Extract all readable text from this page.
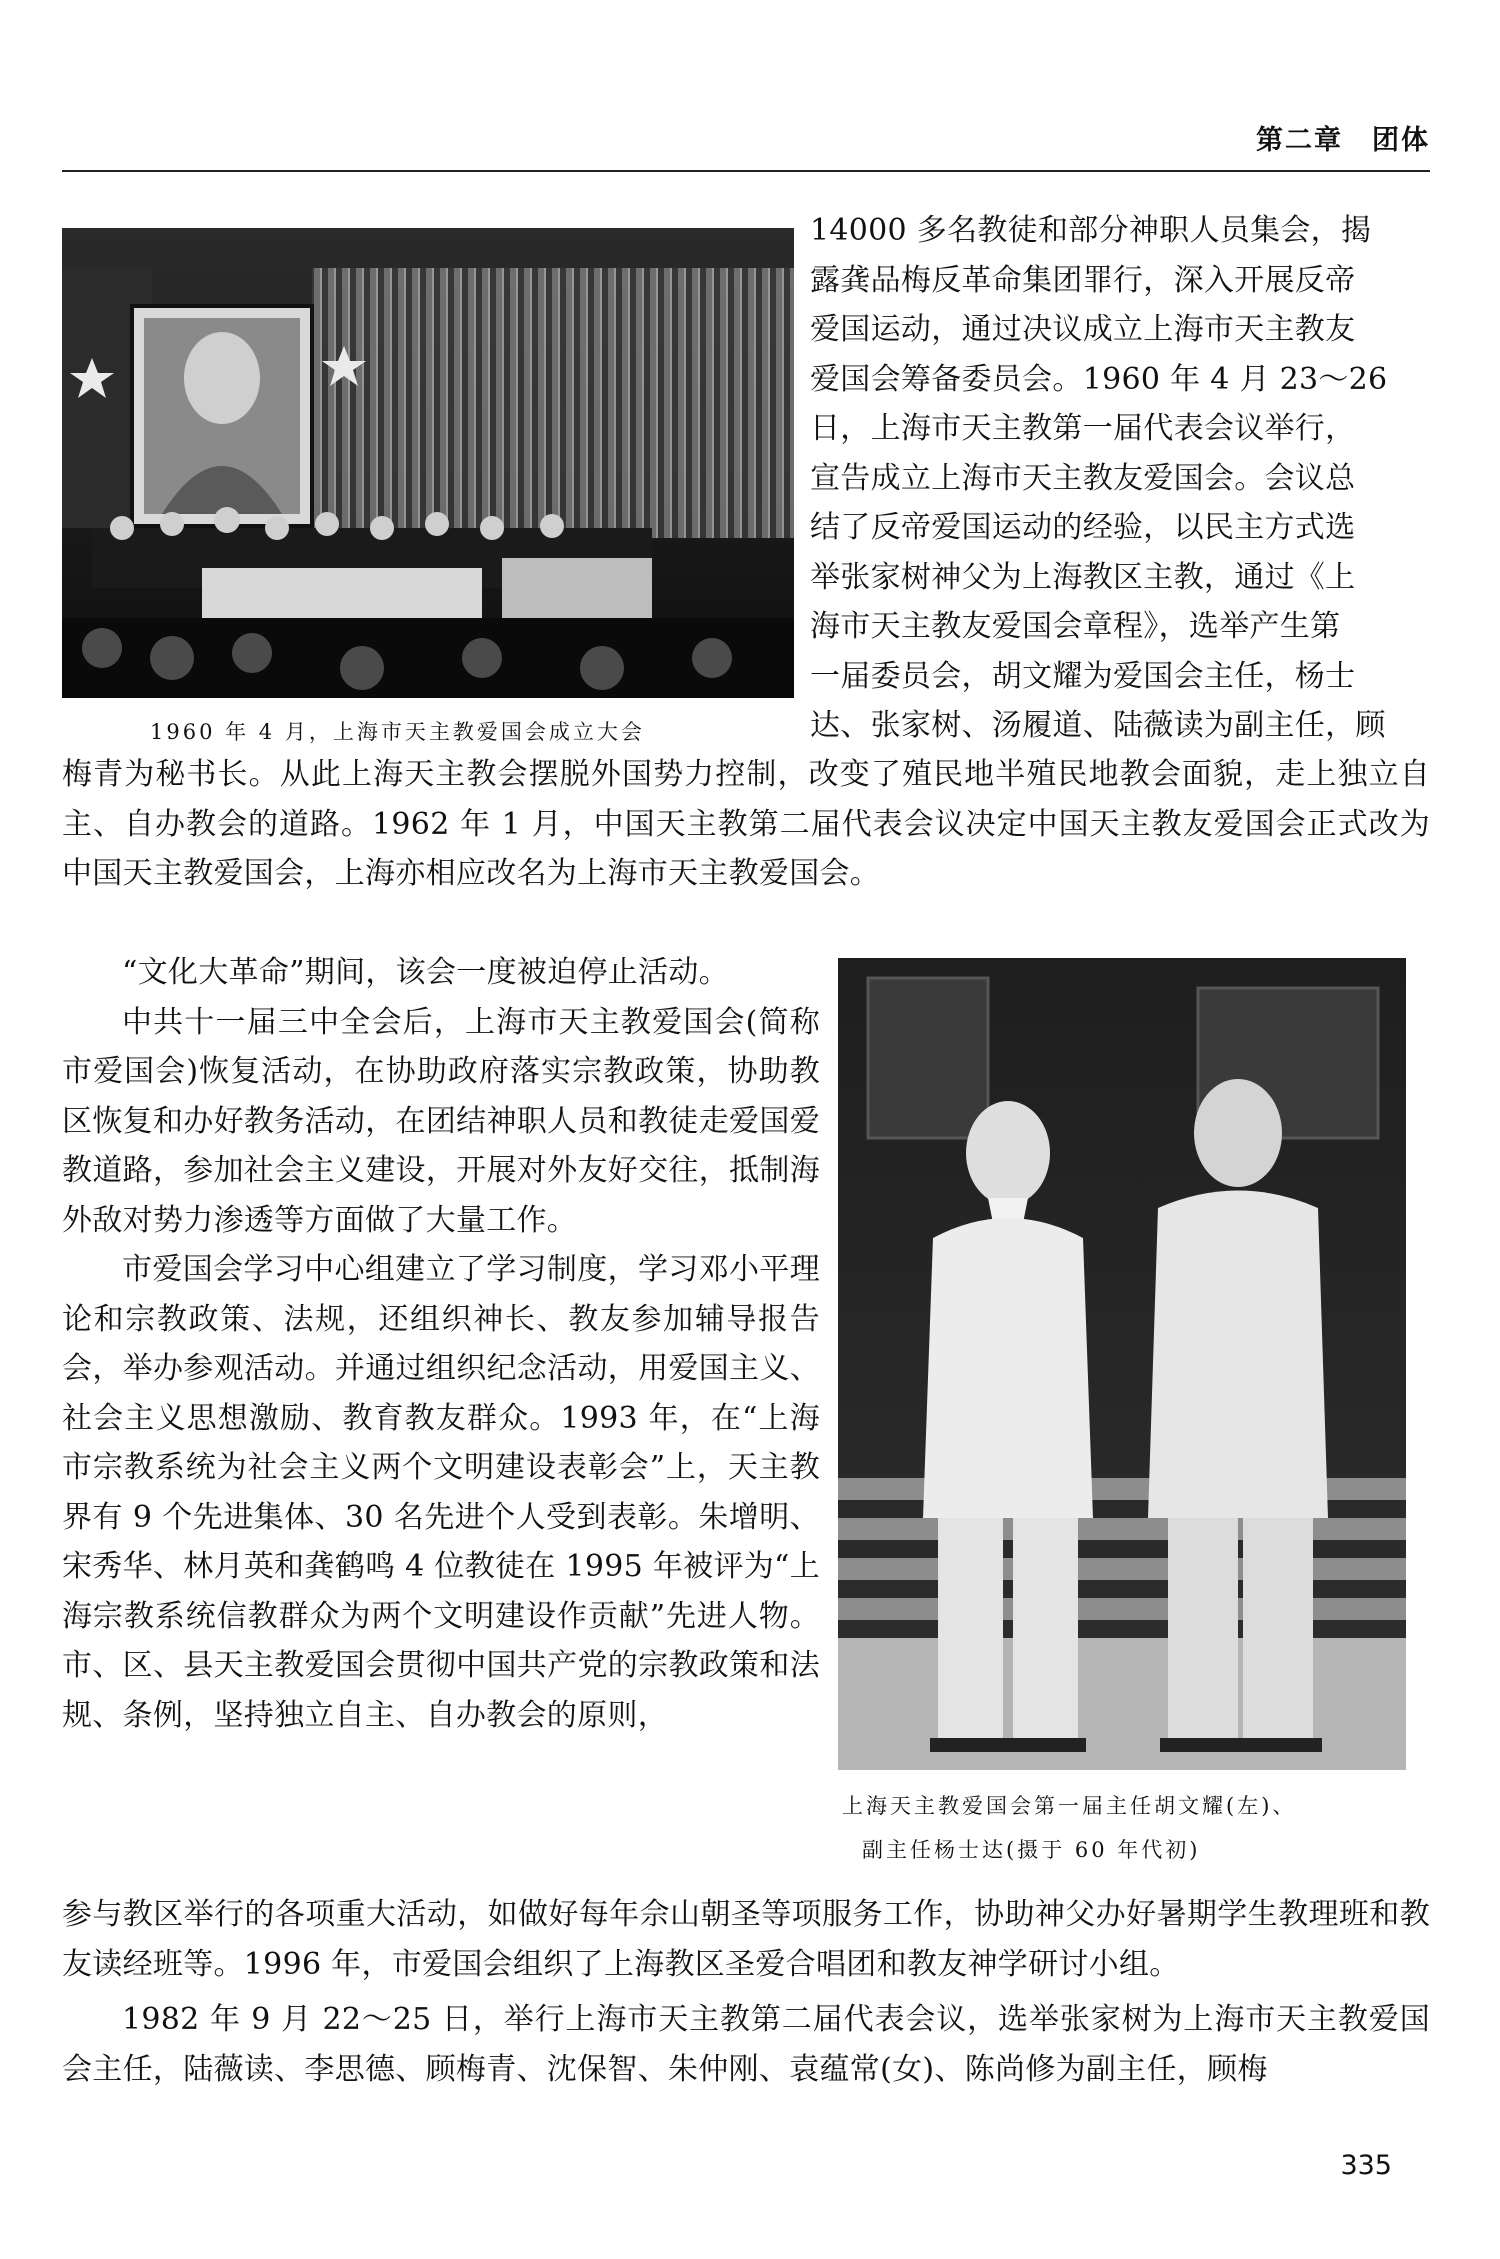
第二章　团体
1960 年 4 月，上海市天主教爱国会成立大会
14000 多名教徒和部分神职人员集会，揭
露龚品梅反革命集团罪行，深入开展反帝
爱国运动，通过决议成立上海市天主教友
爱国会筹备委员会。1960 年 4 月 23～26
日，上海市天主教第一届代表会议举行，
宣告成立上海市天主教友爱国会。会议总
结了反帝爱国运动的经验，以民主方式选
举张家树神父为上海教区主教，通过《上
海市天主教友爱国会章程》，选举产生第
一届委员会，胡文耀为爱国会主任，杨士
达、张家树、汤履道、陆薇读为副主任，顾

梅青为秘书长。从此上海天主教会摆脱外国势力控制，改变了殖民地半殖民地教会面貌，走上独立自主、自办教会的道路。1962 年 1 月，中国天主教第二届代表会议决定中国天主教友爱国会正式改为中国天主教爱国会，上海亦相应改名为上海市天主教爱国会。

“文化大革命”期间，该会一度被迫停止活动。

中共十一届三中全会后，上海市天主教爱国会(简称市爱国会)恢复活动，在协助政府落实宗教政策，协助教区恢复和办好教务活动，在团结神职人员和教徒走爱国爱教道路，参加社会主义建设，开展对外友好交往，抵制海外敌对势力渗透等方面做了大量工作。

市爱国会学习中心组建立了学习制度，学习邓小平理论和宗教政策、法规，还组织神长、教友参加辅导报告会，举办参观活动。并通过组织纪念活动，用爱国主义、社会主义思想激励、教育教友群众。1993 年，在“上海市宗教系统为社会主义两个文明建设表彰会”上，天主教界有 9 个先进集体、30 名先进个人受到表彰。朱增明、宋秀华、林月英和龚鹤鸣 4 位教徒在 1995 年被评为“上海宗教系统信教群众为两个文明建设作贡献”先进人物。市、区、县天主教爱国会贯彻中国共产党的宗教政策和法规、条例，坚持独立自主、自办教会的原则，

上海天主教爱国会第一届主任胡文耀(左)、
副主任杨士达(摄于 60 年代初)

参与教区举行的各项重大活动，如做好每年佘山朝圣等项服务工作，协助神父办好暑期学生教理班和教友读经班等。1996 年，市爱国会组织了上海教区圣爱合唱团和教友神学研讨小组。

1982 年 9 月 22～25 日，举行上海市天主教第二届代表会议，选举张家树为上海市天主教爱国会主任，陆薇读、李思德、顾梅青、沈保智、朱仲刚、袁蕴常(女)、陈尚修为副主任，顾梅

335
